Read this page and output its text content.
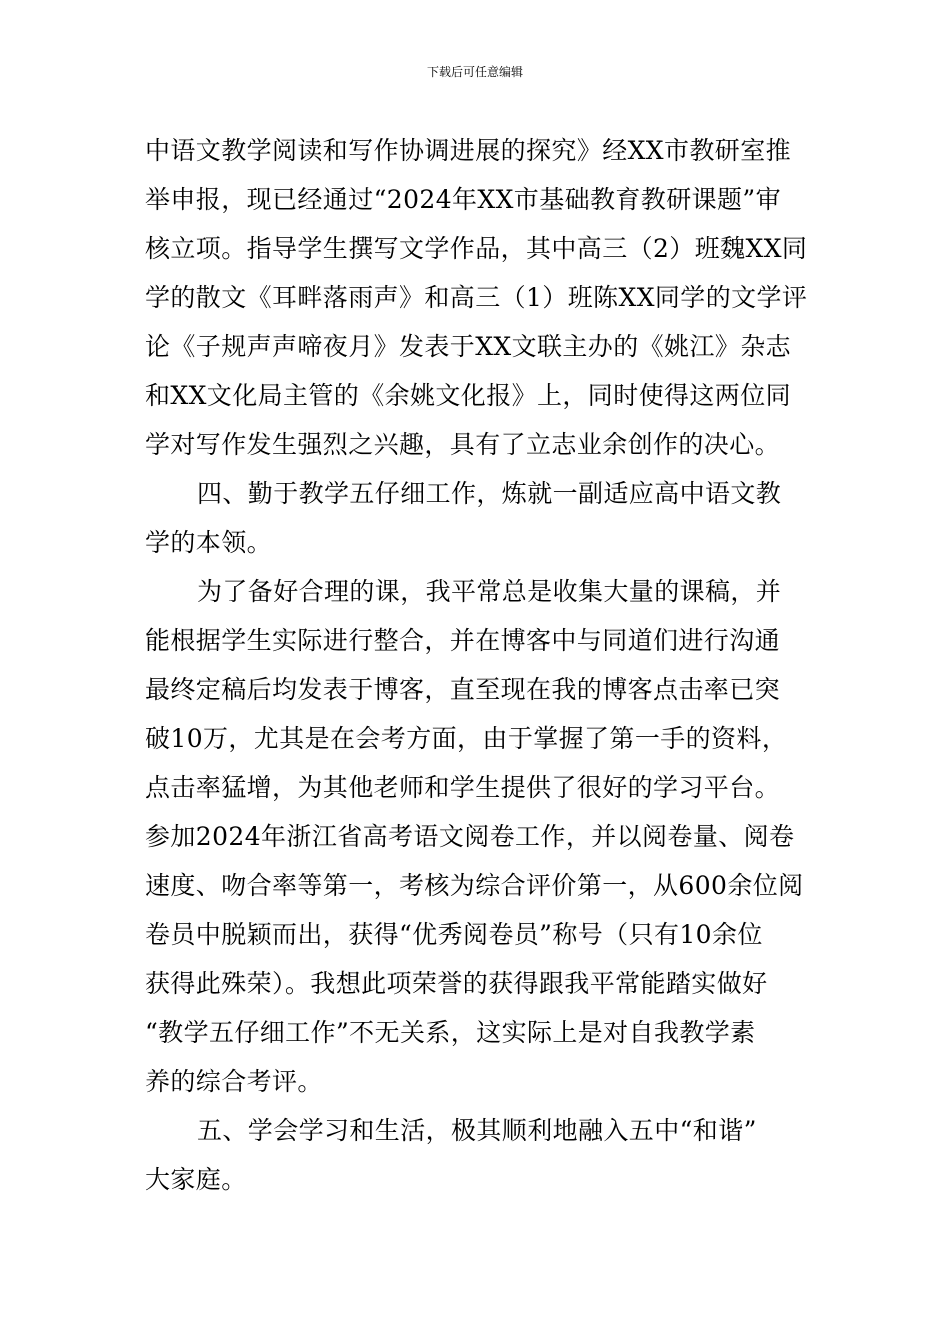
下载后可任意编辑
中语文教学阅读和写作协调进展的探究》经XX市教研室推
举申报，现已经通过“2024年XX市基础教育教研课题”审
核立项。指导学生撰写文学作品，其中高三（2）班魏XX同
学的散文《耳畔落雨声》和高三（1）班陈XX同学的文学评
论《子规声声啼夜月》发表于XX文联主办的《姚江》杂志
和XX文化局主管的《余姚文化报》上，同时使得这两位同
学对写作发生强烈之兴趣，具有了立志业余创作的决心。
四、勤于教学五仔细工作，炼就一副适应高中语文教
学的本领。
为了备好合理的课，我平常总是收集大量的课稿，并
能根据学生实际进行整合，并在博客中与同道们进行沟通
最终定稿后均发表于博客，直至现在我的博客点击率已突
破10万，尤其是在会考方面，由于掌握了第一手的资料，
点击率猛增，为其他老师和学生提供了很好的学习平台。
参加2024年浙江省高考语文阅卷工作，并以阅卷量、阅卷
速度、吻合率等第一，考核为综合评价第一，从600余位阅
卷员中脱颖而出，获得“优秀阅卷员”称号（只有10余位
获得此殊荣）。我想此项荣誉的获得跟我平常能踏实做好
“教学五仔细工作”不无关系，这实际上是对自我教学素
养的综合考评。
五、学会学习和生活，极其顺利地融入五中“和谐”
大家庭。
